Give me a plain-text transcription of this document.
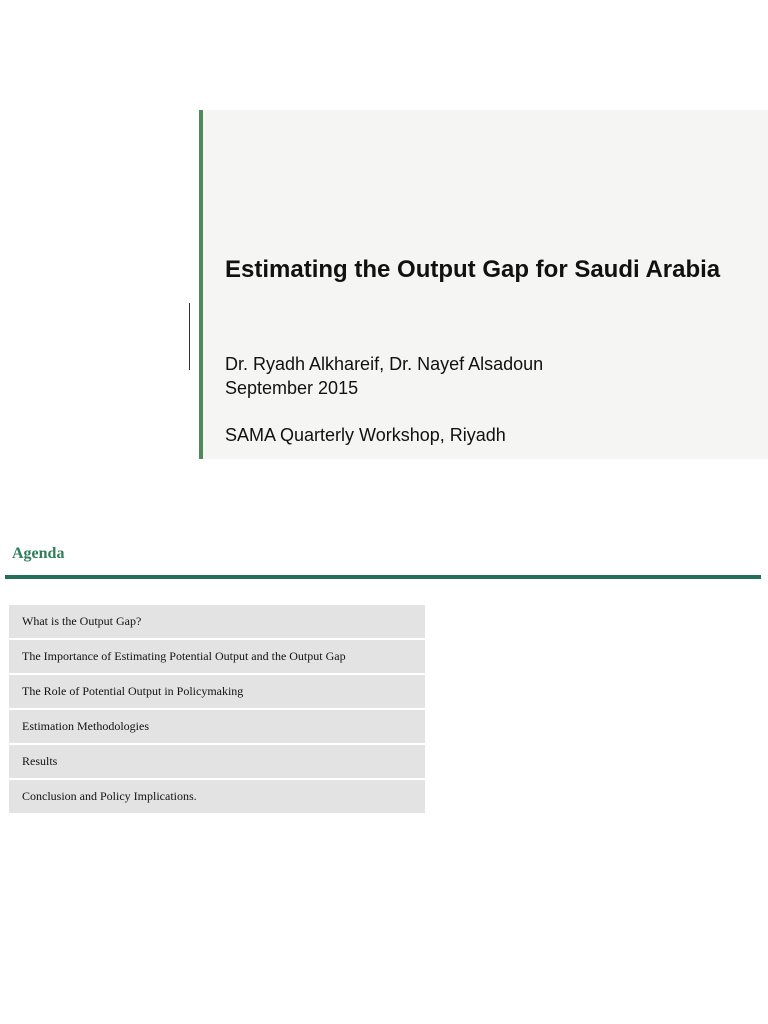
Estimating the Output Gap for Saudi Arabia

Dr. Ryadh Alkhareif, Dr. Nayef Alsadoun

September 2015

SAMA Quarterly Workshop, Riyadh

Agenda
What is the Output Gap?
The Importance of Estimating Potential Output and the Output Gap
The Role of Potential Output in Policymaking
Estimation Methodologies
Results
Conclusion and Policy Implications.
